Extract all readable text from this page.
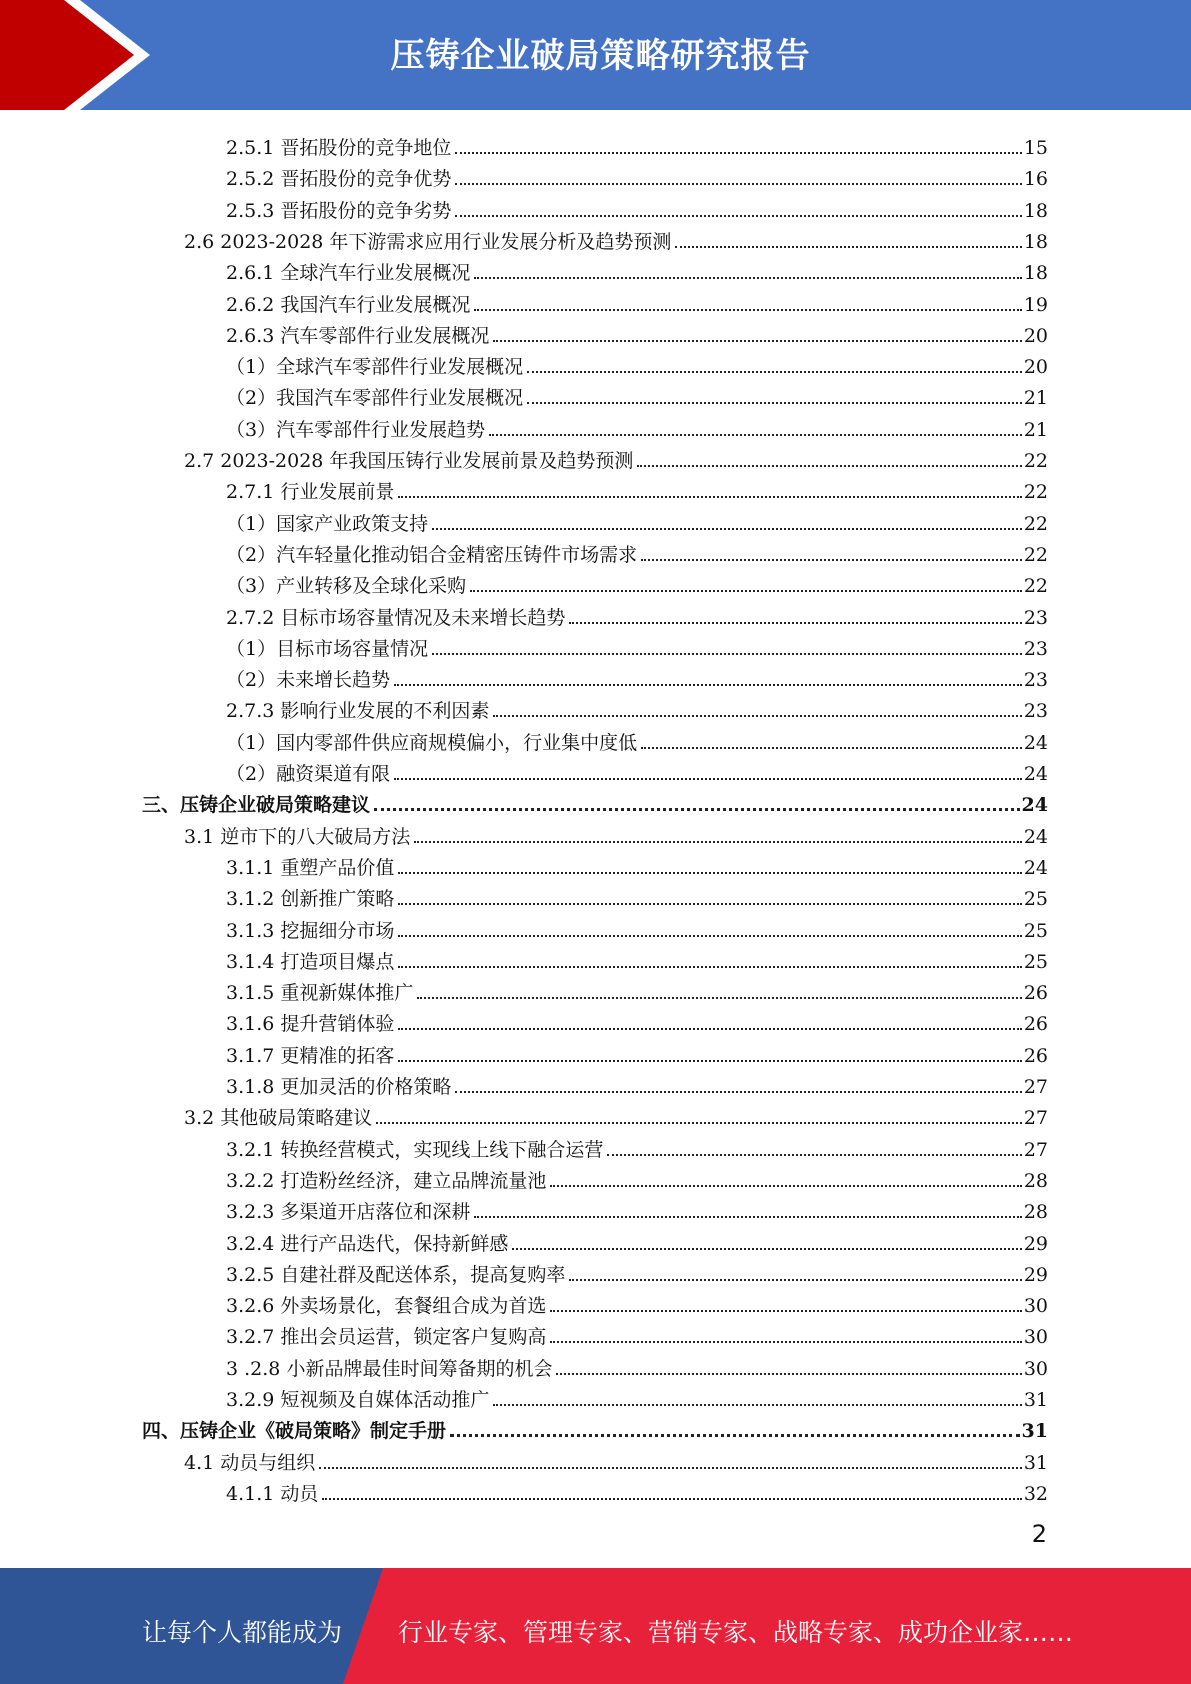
压铸企业破局策略研究报告
2.5.1 晋拓股份的竞争地位	15
2.5.2 晋拓股份的竞争优势	16
2.5.3 晋拓股份的竞争劣势	18
2.6 2023-2028 年下游需求应用行业发展分析及趋势预测	18
2.6.1 全球汽车行业发展概况	18
2.6.2 我国汽车行业发展概况	19
2.6.3 汽车零部件行业发展概况	20
（1）全球汽车零部件行业发展概况	20
（2）我国汽车零部件行业发展概况	21
（3）汽车零部件行业发展趋势	21
2.7 2023-2028 年我国压铸行业发展前景及趋势预测	22
2.7.1 行业发展前景	22
（1）国家产业政策支持	22
（2）汽车轻量化推动铝合金精密压铸件市场需求	22
（3）产业转移及全球化采购	22
2.7.2 目标市场容量情况及未来增长趋势	23
（1）目标市场容量情况	23
（2）未来增长趋势	23
2.7.3 影响行业发展的不利因素	23
（1）国内零部件供应商规模偏小，行业集中度低	24
（2）融资渠道有限	24
三、压铸企业破局策略建议	24
3.1 逆市下的八大破局方法	24
3.1.1 重塑产品价值	24
3.1.2 创新推广策略	25
3.1.3 挖掘细分市场	25
3.1.4 打造项目爆点	25
3.1.5 重视新媒体推广	26
3.1.6 提升营销体验	26
3.1.7 更精准的拓客	26
3.1.8 更加灵活的价格策略	27
3.2 其他破局策略建议	27
3.2.1 转换经营模式，实现线上线下融合运营	27
3.2.2 打造粉丝经济，建立品牌流量池	28
3.2.3 多渠道开店落位和深耕	28
3.2.4 进行产品迭代，保持新鲜感	29
3.2.5 自建社群及配送体系，提高复购率	29
3.2.6 外卖场景化，套餐组合成为首选	30
3.2.7 推出会员运营，锁定客户复购高	30
3 .2.8 小新品牌最佳时间筹备期的机会	30
3.2.9 短视频及自媒体活动推广	31
四、压铸企业《破局策略》制定手册	31
4.1 动员与组织	31
4.1.1 动员	32
2
让每个人都能成为 行业专家、管理专家、营销专家、战略专家、成功企业家……
